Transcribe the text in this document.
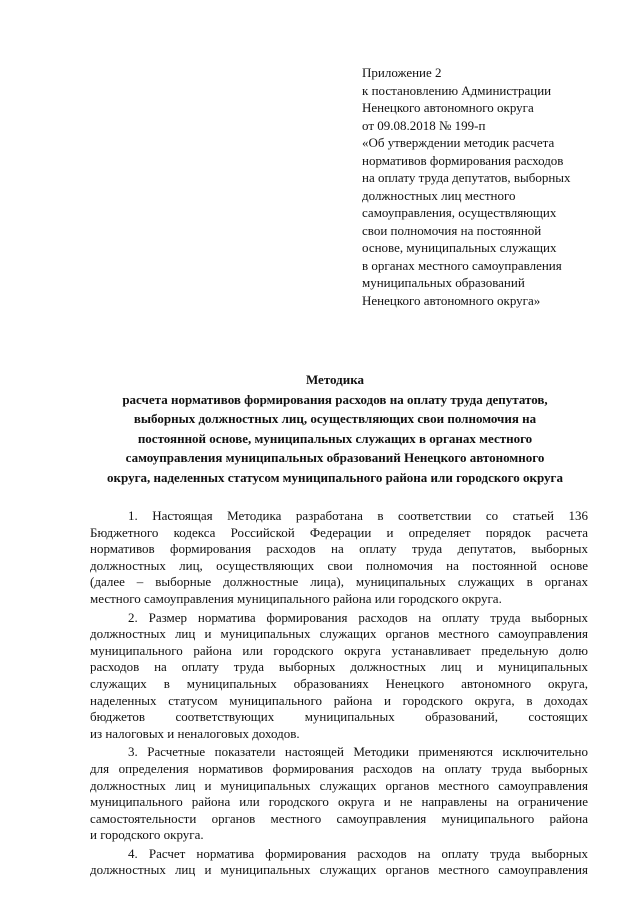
Приложение 2
к постановлению Администрации
Ненецкого автономного округа
от 09.08.2018 № 199-п
«Об утверждении методик расчета
нормативов формирования расходов
на оплату труда депутатов, выборных
должностных лиц местного
самоуправления, осуществляющих
свои полномочия на постоянной
основе, муниципальных служащих
в органах местного самоуправления
муниципальных образований
Ненецкого автономного округа»
Методика
расчета нормативов формирования расходов на оплату труда депутатов,
выборных должностных лиц, осуществляющих свои полномочия на
постоянной основе, муниципальных служащих в органах местного
самоуправления муниципальных образований Ненецкого автономного
округа, наделенных статусом муниципального района или городского округа
1. Настоящая Методика разработана в соответствии со статьей 136
Бюджетного кодекса Российской Федерации и определяет порядок расчета
нормативов формирования расходов на оплату труда депутатов, выборных
должностных лиц, осуществляющих свои полномочия на постоянной основе
(далее – выборные должностные лица), муниципальных служащих в органах
местного самоуправления муниципального района или городского округа.
2. Размер норматива формирования расходов на оплату труда выборных
должностных лиц и муниципальных служащих органов местного самоуправления
муниципального района или городского округа устанавливает предельную долю
расходов на оплату труда выборных должностных лиц и муниципальных
служащих в муниципальных образованиях Ненецкого автономного округа,
наделенных статусом муниципального района и городского округа, в доходах
бюджетов соответствующих муниципальных образований, состоящих
из налоговых и неналоговых доходов.
3. Расчетные показатели настоящей Методики применяются исключительно
для определения нормативов формирования расходов на оплату труда выборных
должностных лиц и муниципальных служащих органов местного самоуправления
муниципального района или городского округа и не направлены на ограничение
самостоятельности органов местного самоуправления муниципального района
и городского округа.
4. Расчет норматива формирования расходов на оплату труда выборных
должностных лиц и муниципальных служащих органов местного самоуправления
